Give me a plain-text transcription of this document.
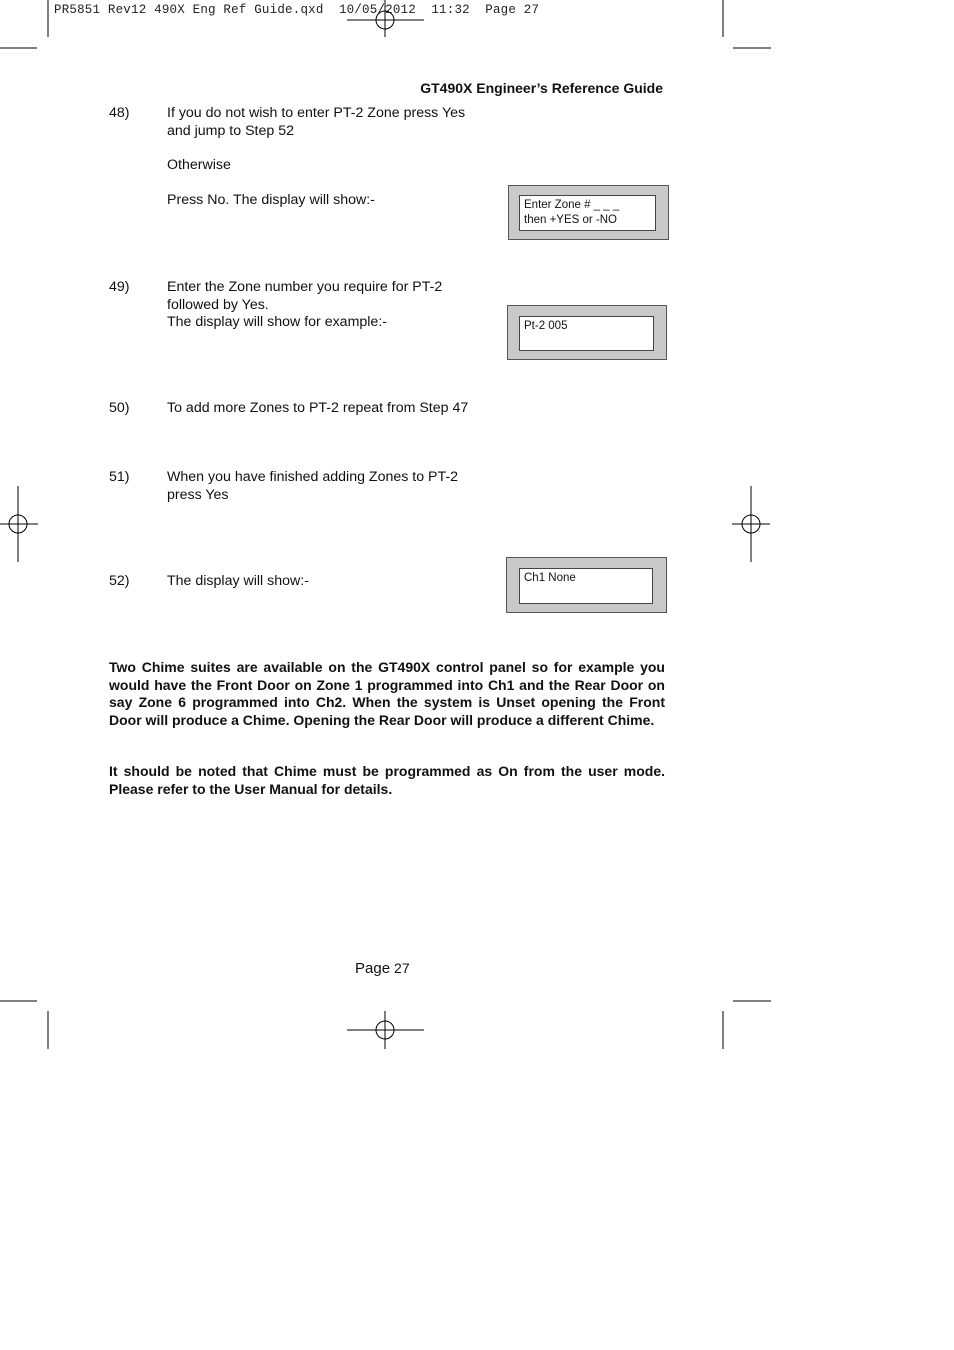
PR5851 Rev12 490X Eng Ref Guide.qxd  10/05/2012  11:32  Page 27
GT490X Engineer’s Reference Guide
48)	If you do not wish to enter PT-2 Zone press Yes

and jump to Step 52

Otherwise

Press No. The display will show:-

49)	Enter the Zone number you require for PT-2

followed by Yes.

The display will show for example:-

50)	To add more Zones to PT-2 repeat from Step 47

51)	When you have finished adding Zones to PT-2

press Yes

52)	The display will show:-

Enter Zone # _ _ _
then +YES or -NO
Pt-2 005
Ch1 None

Two Chime suites are available on the GT490X control panel so for example you would have the Front Door on Zone 1 programmed into Ch1 and the Rear Door on say Zone 6 programmed into Ch2. When the system is Unset opening the Front Door will produce a Chime. Opening the Rear Door will produce a different Chime.

It should be noted that Chime must be programmed as On from the user mode. Please refer to the User Manual for details.

Page 27
